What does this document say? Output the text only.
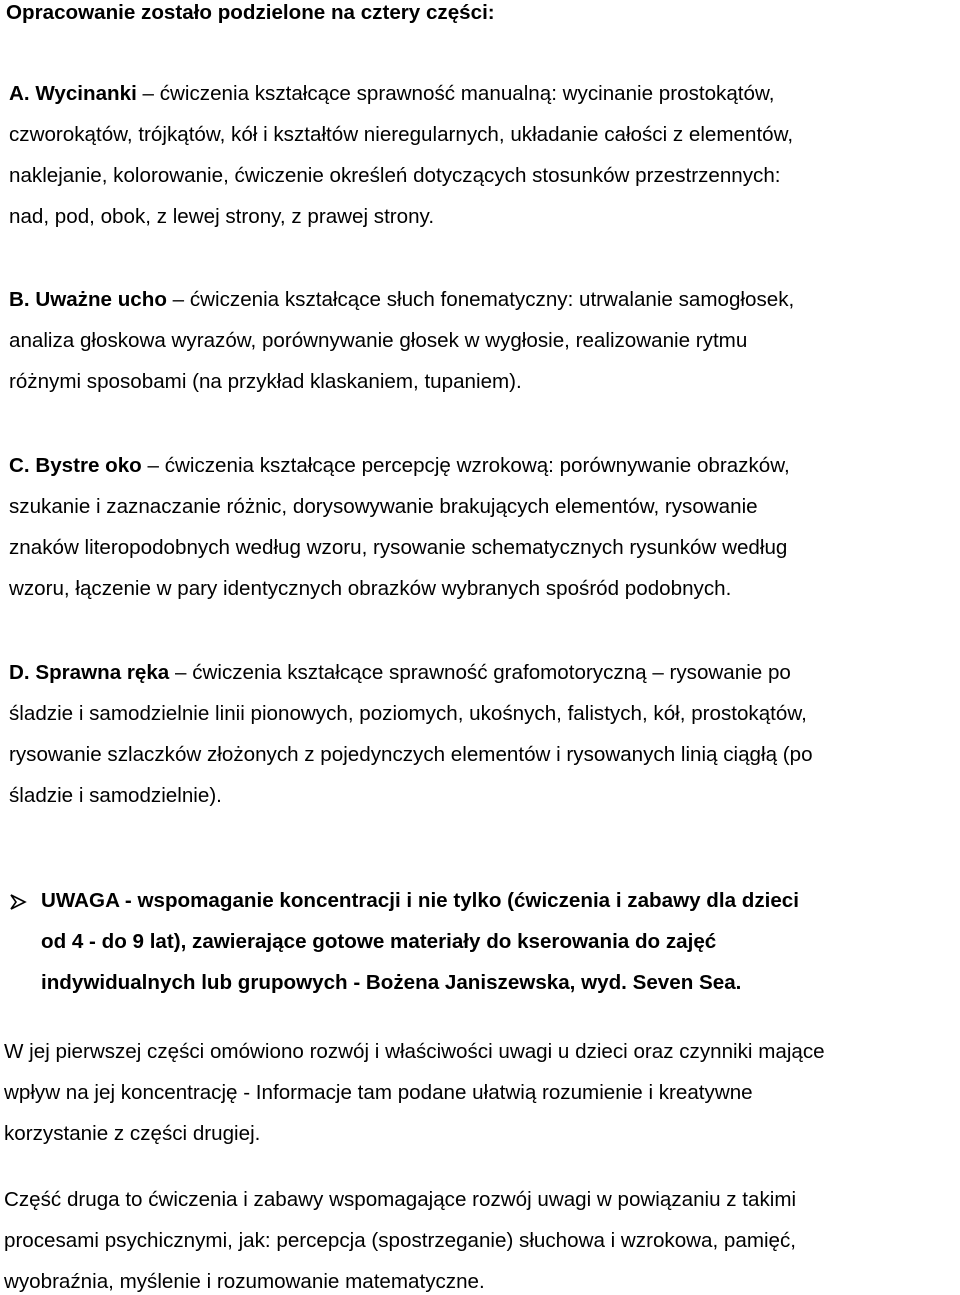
Opracowanie zostało podzielone na cztery części:
A. Wycinanki – ćwiczenia kształcące sprawność manualną: wycinanie prostokątów,
czworokątów, trójkątów, kół i kształtów nieregularnych, układanie całości z elementów,
naklejanie, kolorowanie, ćwiczenie określeń dotyczących stosunków przestrzennych:
nad, pod, obok, z lewej strony, z prawej strony.
B. Uważne ucho – ćwiczenia kształcące słuch fonematyczny: utrwalanie samogłosek,
analiza głoskowa wyrazów, porównywanie głosek w wygłosie, realizowanie rytmu
różnymi sposobami (na przykład klaskaniem, tupaniem).
C. Bystre oko – ćwiczenia kształcące percepcję wzrokową: porównywanie obrazków,
szukanie i zaznaczanie różnic, dorysowywanie brakujących elementów, rysowanie
znaków literopodobnych według wzoru, rysowanie schematycznych rysunków według
wzoru, łączenie w pary identycznych obrazków wybranych spośród podobnych.
D. Sprawna ręka – ćwiczenia kształcące sprawność grafomotoryczną – rysowanie po
śladzie i samodzielnie linii pionowych, poziomych, ukośnych, falistych, kół, prostokątów,
rysowanie szlaczków złożonych z pojedynczych elementów i rysowanych linią ciągłą (po
śladzie i samodzielnie).
UWAGA - wspomaganie koncentracji i nie tylko (ćwiczenia i zabawy dla dzieci
od 4 - do 9 lat), zawierające gotowe materiały do kserowania do zajęć
indywidualnych lub grupowych - Bożena Janiszewska, wyd. Seven Sea.
W jej pierwszej części omówiono rozwój i właściwości uwagi u dzieci oraz czynniki mające
wpływ na jej koncentrację - Informacje tam podane ułatwią rozumienie i kreatywne
korzystanie z części drugiej.
Część druga to ćwiczenia i zabawy wspomagające rozwój uwagi w powiązaniu z takimi
procesami psychicznymi, jak: percepcja (spostrzeganie) słuchowa i wzrokowa, pamięć,
wyobraźnia, myślenie i rozumowanie matematyczne.
